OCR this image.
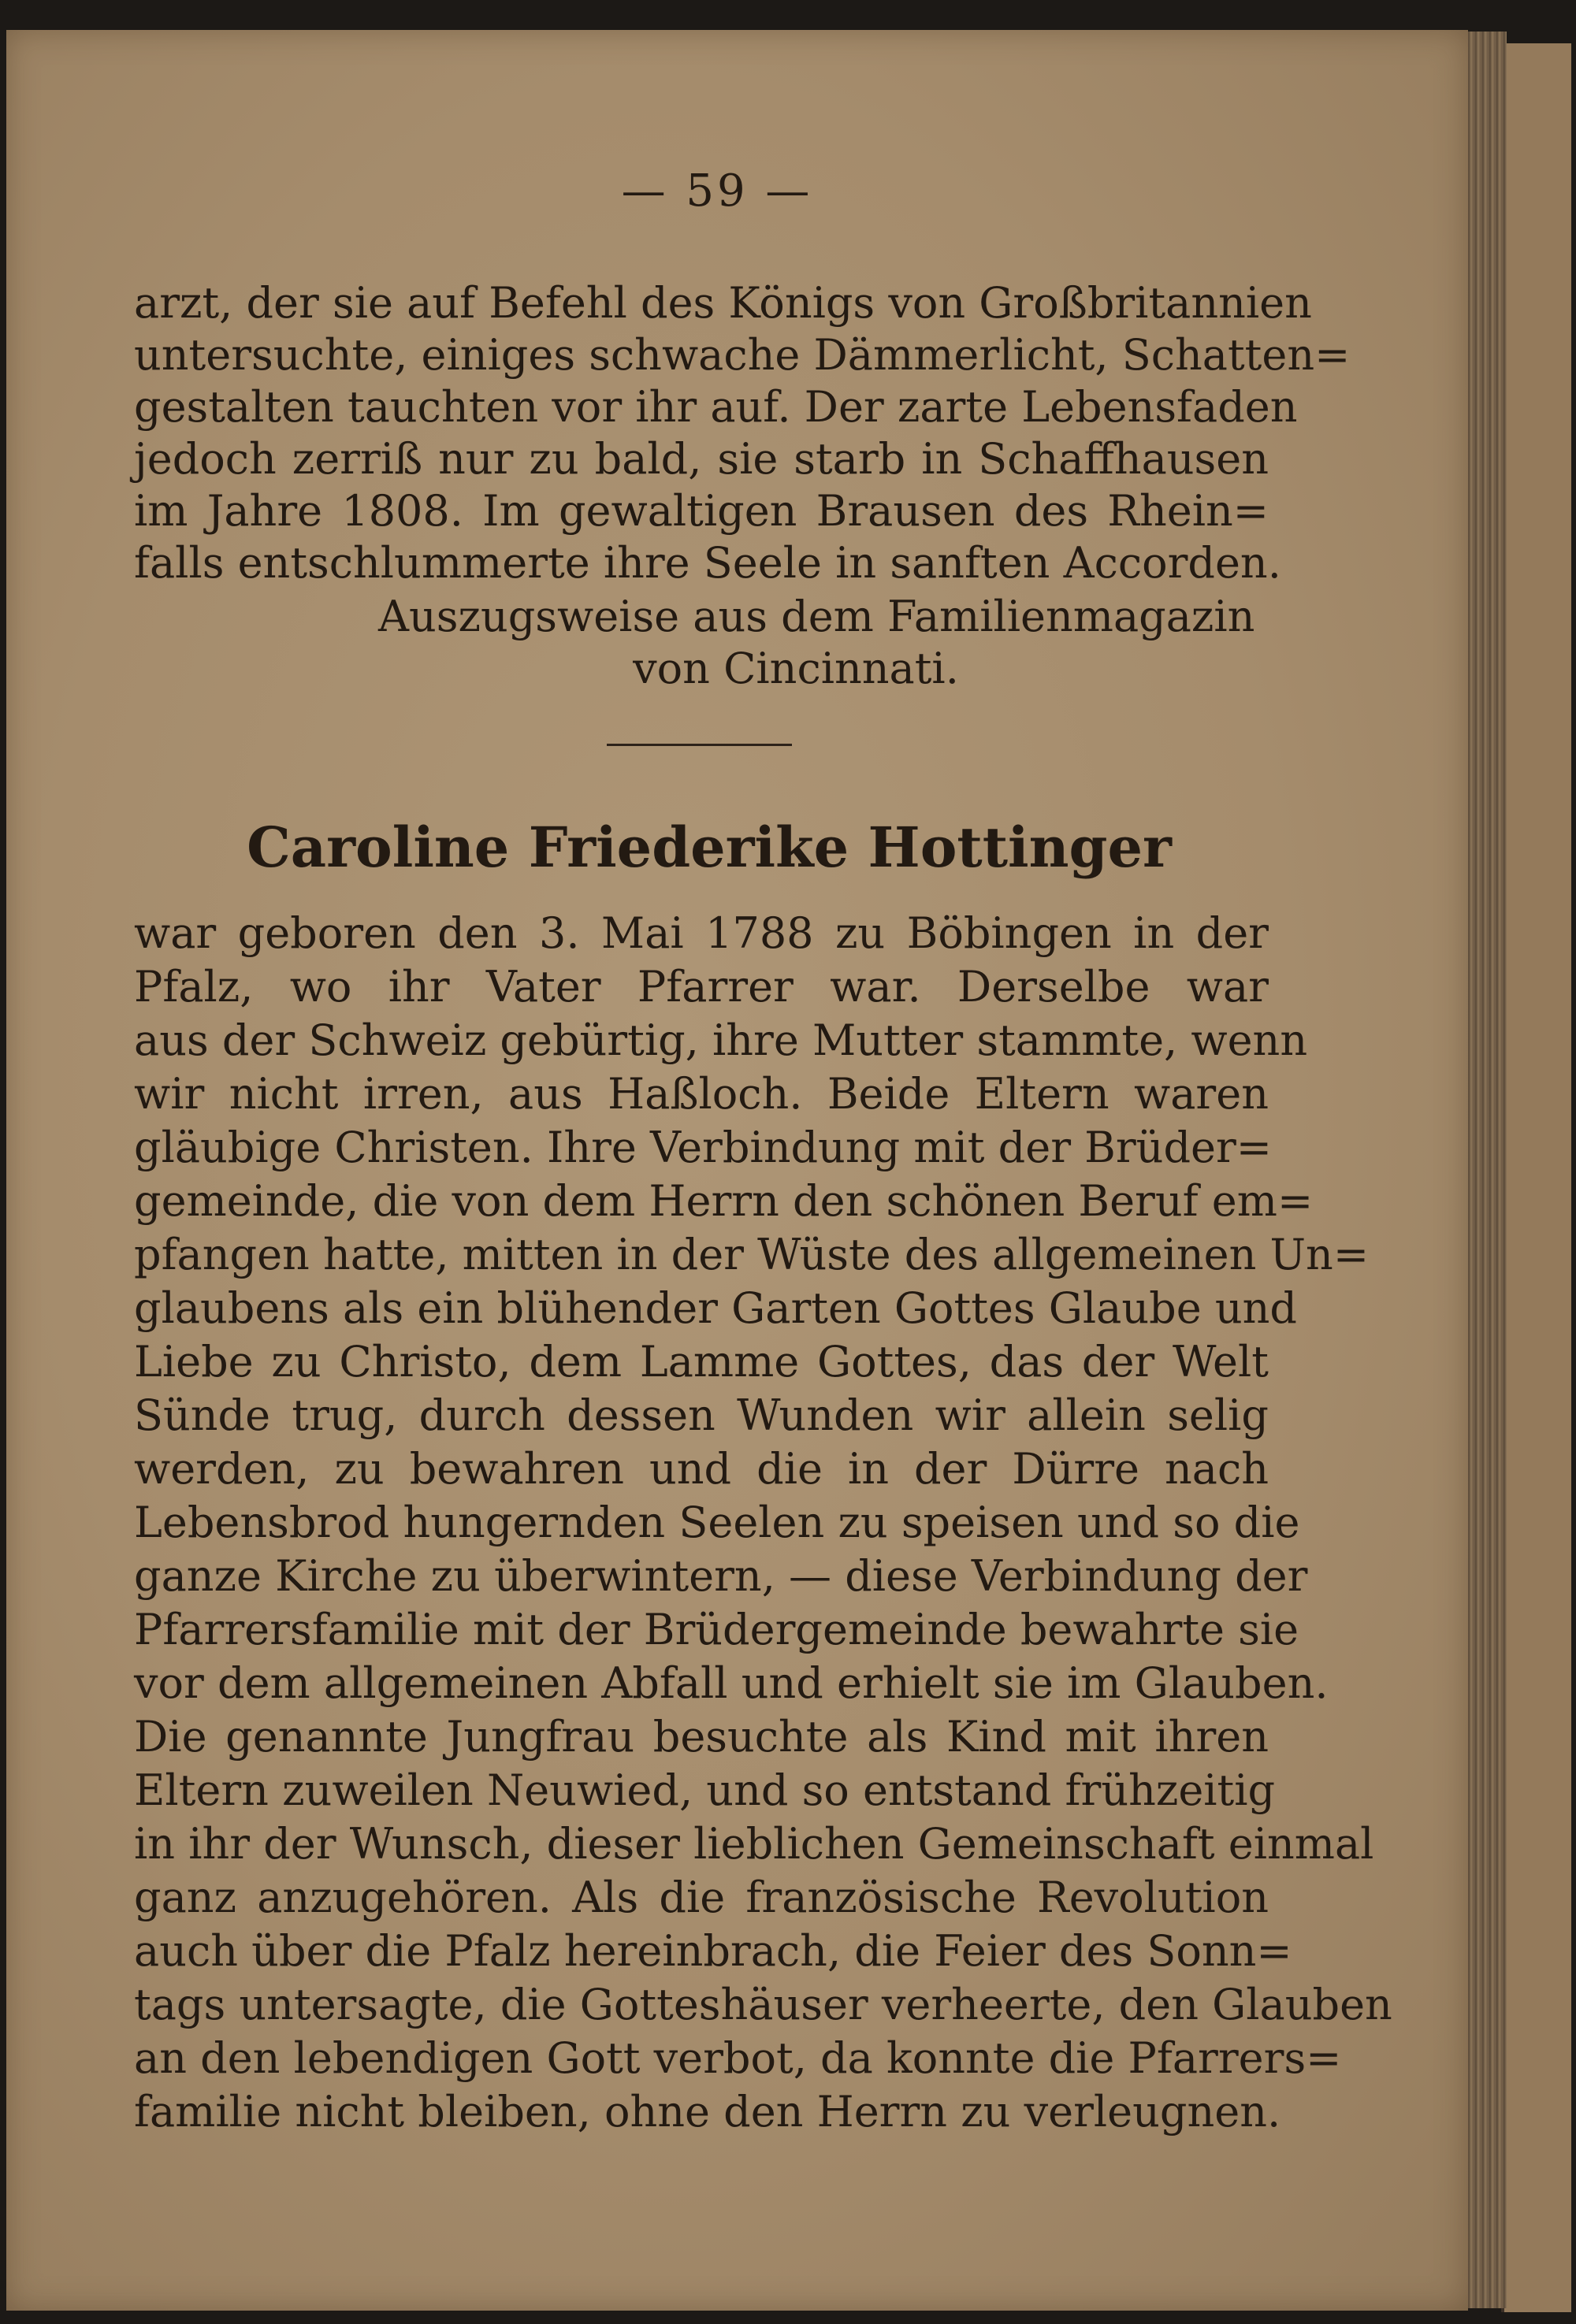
— 59 —
arzt, der sie auf Befehl des Königs von Großbritannien
untersuchte, einiges schwache Dämmerlicht, Schatten=
gestalten tauchten vor ihr auf. Der zarte Lebensfaden
jedoch zerriß nur zu bald, sie starb in Schaffhausen
im Jahre 1808. Im gewaltigen Brausen des Rhein=
falls entschlummerte ihre Seele in sanften Accorden.
Auszugsweise aus dem Familienmagazin
von Cincinnati.
Caroline Friederike Hottinger
war geboren den 3. Mai 1788 zu Böbingen in der
Pfalz, wo ihr Vater Pfarrer war. Derselbe war
aus der Schweiz gebürtig, ihre Mutter stammte, wenn
wir nicht irren, aus Haßloch. Beide Eltern waren
gläubige Christen. Ihre Verbindung mit der Brüder=
gemeinde, die von dem Herrn den schönen Beruf em=
pfangen hatte, mitten in der Wüste des allgemeinen Un=
glaubens als ein blühender Garten Gottes Glaube und
Liebe zu Christo, dem Lamme Gottes, das der Welt
Sünde trug, durch dessen Wunden wir allein selig
werden, zu bewahren und die in der Dürre nach
Lebensbrod hungernden Seelen zu speisen und so die
ganze Kirche zu überwintern, — diese Verbindung der
Pfarrersfamilie mit der Brüdergemeinde bewahrte sie
vor dem allgemeinen Abfall und erhielt sie im Glauben.
Die genannte Jungfrau besuchte als Kind mit ihren
Eltern zuweilen Neuwied, und so entstand frühzeitig
in ihr der Wunsch, dieser lieblichen Gemeinschaft einmal
ganz anzugehören. Als die französische Revolution
auch über die Pfalz hereinbrach, die Feier des Sonn=
tags untersagte, die Gotteshäuser verheerte, den Glauben
an den lebendigen Gott verbot, da konnte die Pfarrers=
familie nicht bleiben, ohne den Herrn zu verleugnen.
